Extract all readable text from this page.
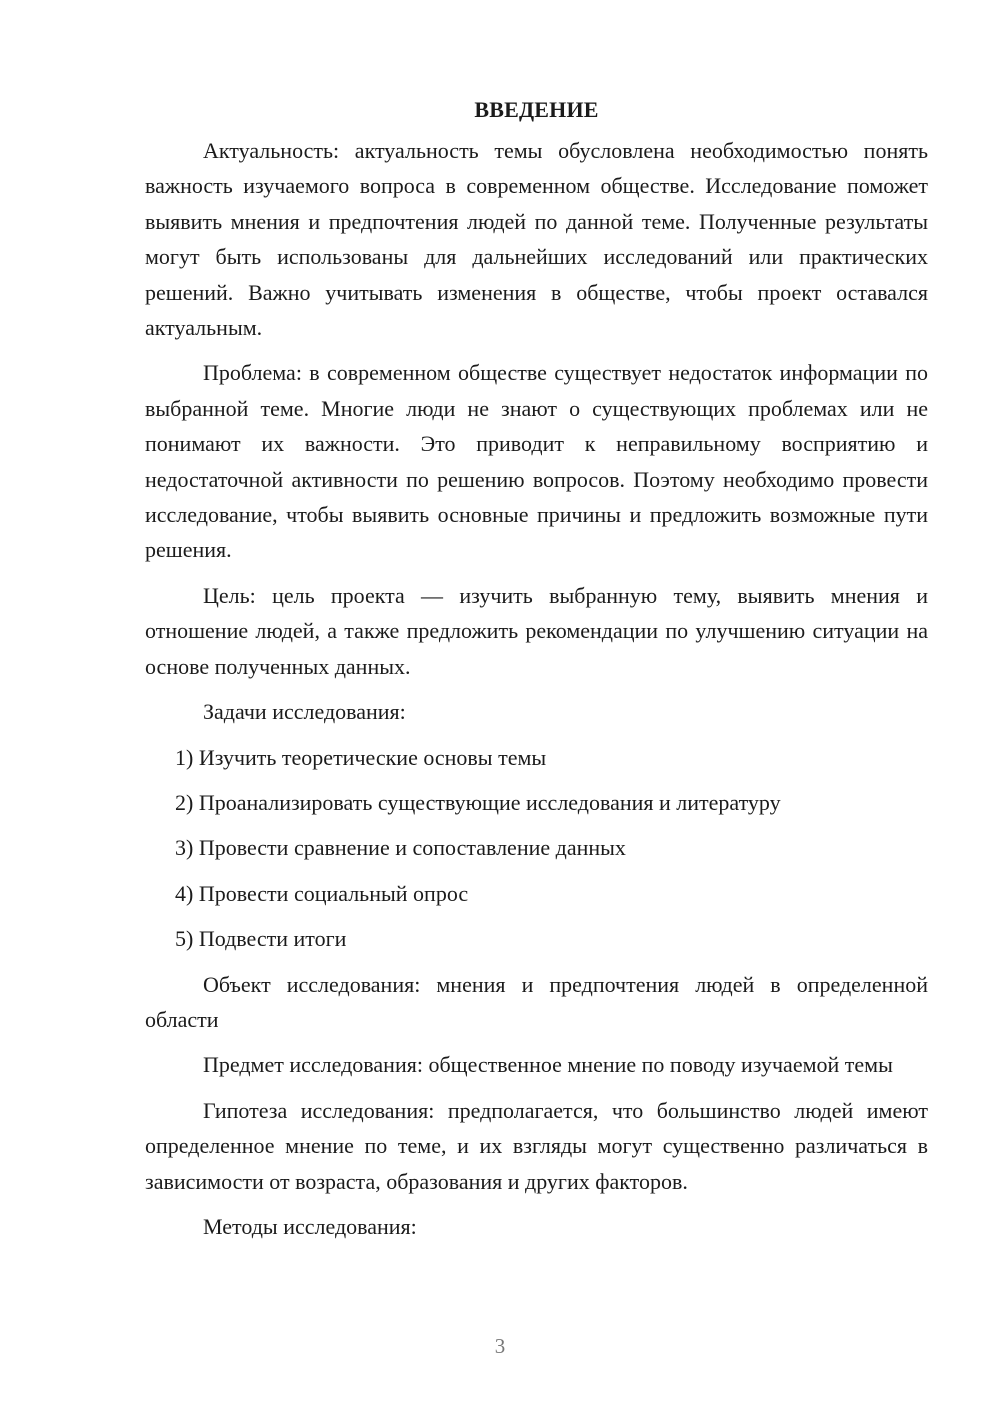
ВВЕДЕНИЕ

Актуальность: актуальность темы обусловлена необходимостью понять важность изучаемого вопроса в современном обществе. Исследование поможет выявить мнения и предпочтения людей по данной теме. Полученные результаты могут быть использованы для дальнейших исследований или практических решений. Важно учитывать изменения в обществе, чтобы проект оставался актуальным.

Проблема: в современном обществе существует недостаток информации по выбранной теме. Многие люди не знают о существующих проблемах или не понимают их важности. Это приводит к неправильному восприятию и недостаточной активности по решению вопросов. Поэтому необходимо провести исследование, чтобы выявить основные причины и предложить возможные пути решения.

Цель: цель проекта — изучить выбранную тему, выявить мнения и отношение людей, а также предложить рекомендации по улучшению ситуации на основе полученных данных.

Задачи исследования:

1) Изучить теоретические основы темы
2) Проанализировать существующие исследования и литературу
3) Провести сравнение и сопоставление данных
4) Провести социальный опрос
5) Подвести итоги

Объект исследования: мнения и предпочтения людей в определенной области

Предмет исследования: общественное мнение по поводу изучаемой темы

Гипотеза исследования: предполагается, что большинство людей имеют определенное мнение по теме, и их взгляды могут существенно различаться в зависимости от возраста, образования и других факторов.

Методы исследования:

3
